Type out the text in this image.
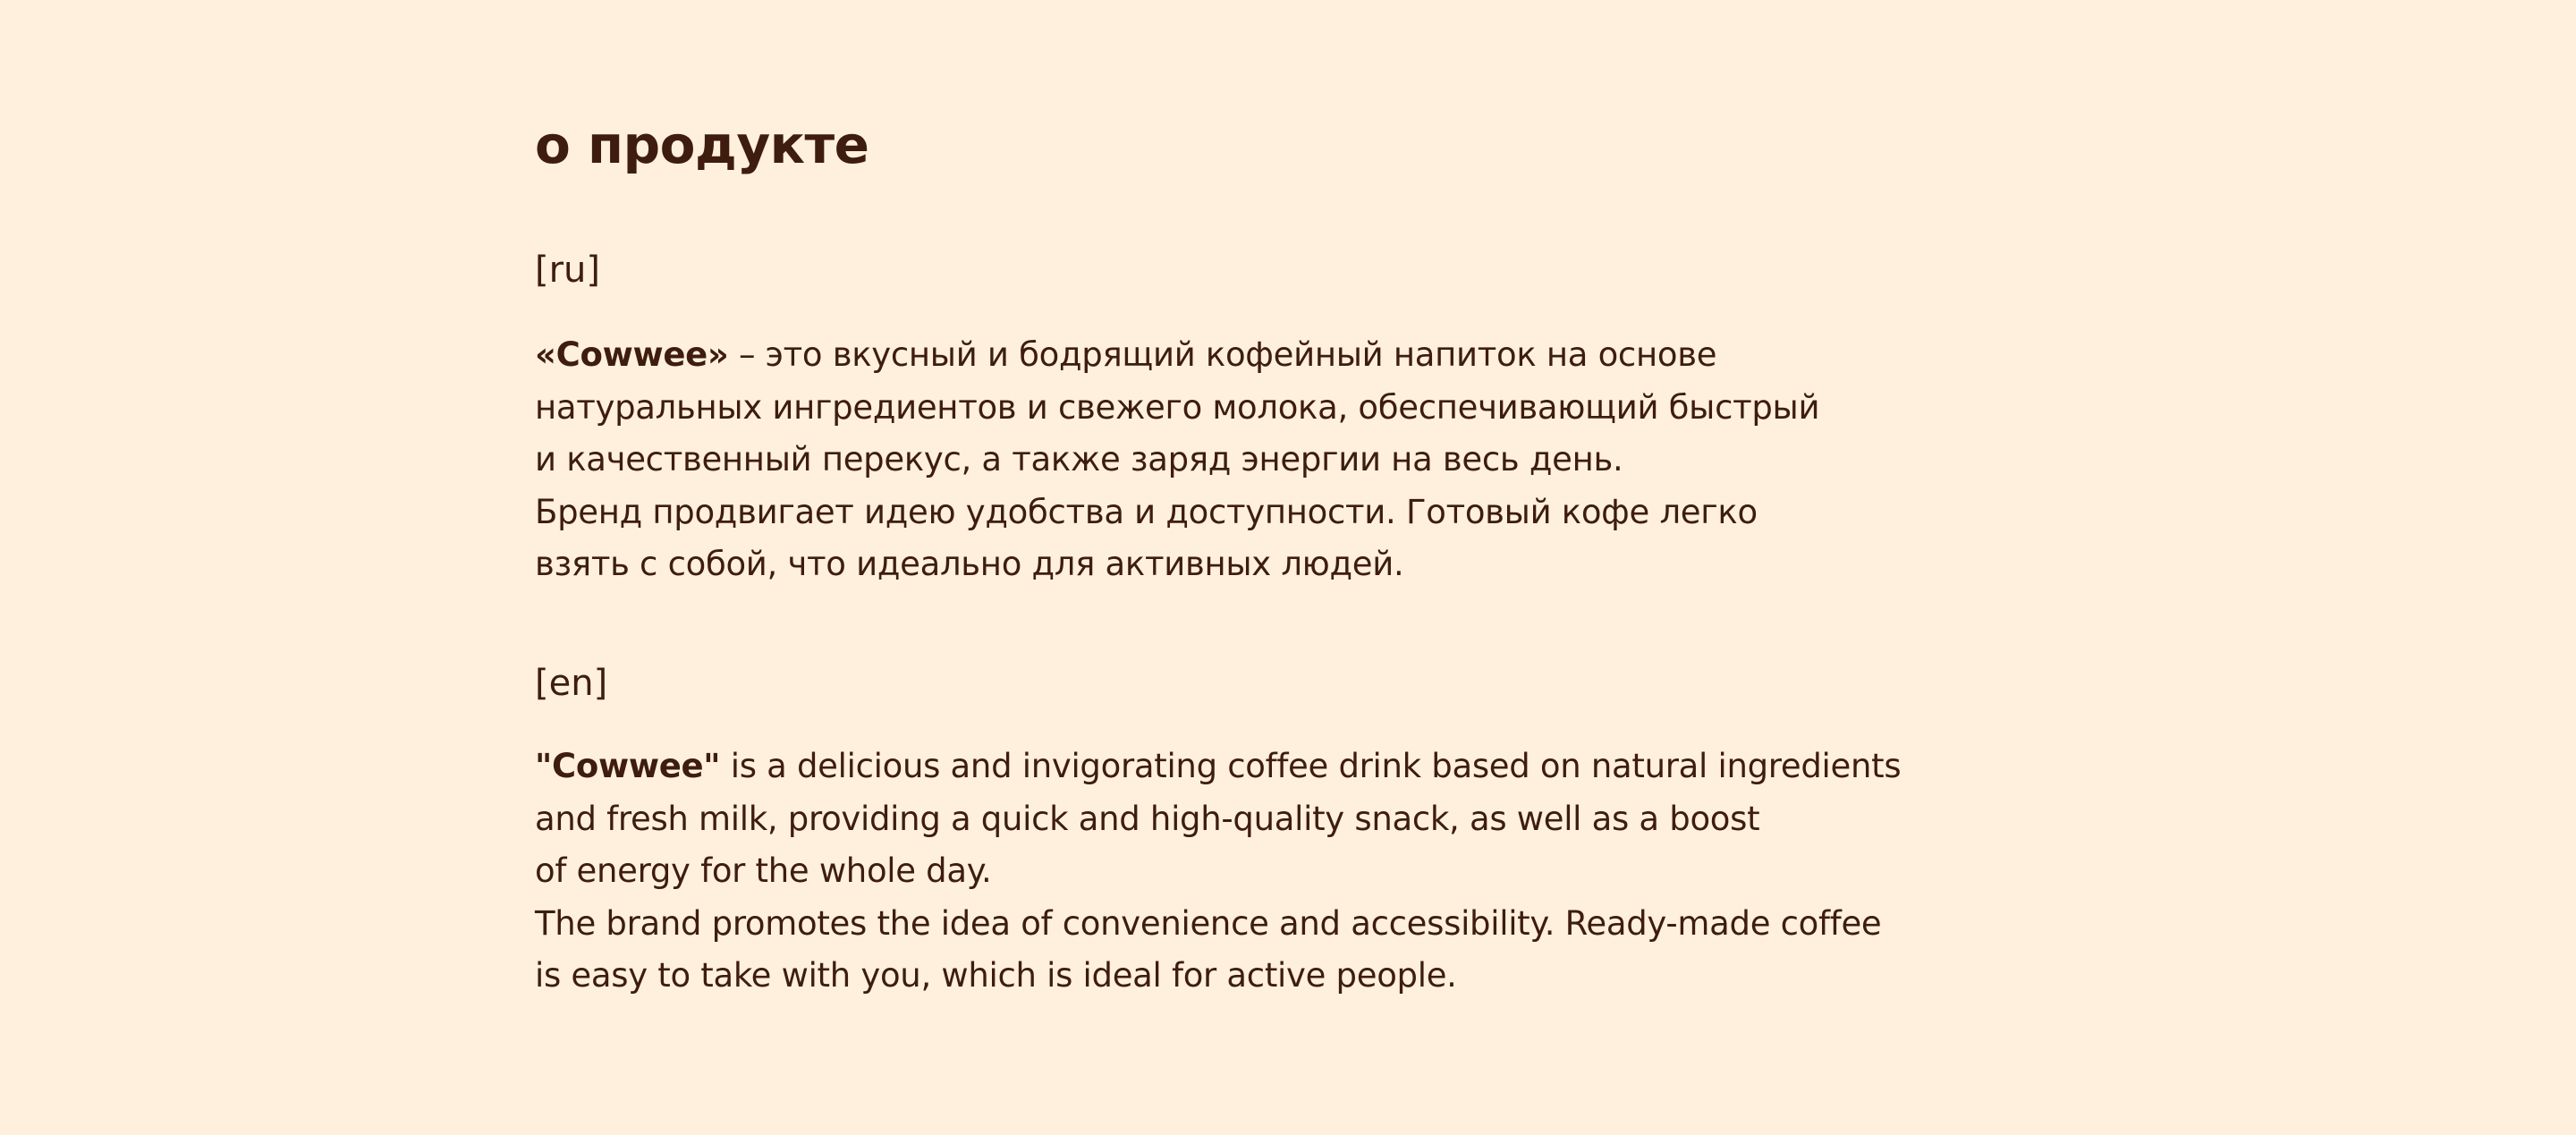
о продукте
[ru]

«Cowwee» – это вкусный и бодрящий кофейный напиток на основе
натуральных ингредиентов и свежего молока, обеспечивающий быстрый
и качественный перекус, а также заряд энергии на весь день.
Бренд продвигает идею удобства и доступности. Готовый кофе легко
взять с собой, что идеально для активных людей.

[en]

"Cowwee" is a delicious and invigorating coffee drink based on natural ingredients
and fresh milk, providing a quick and high-quality snack, as well as a boost
of energy for the whole day.
The brand promotes the idea of convenience and accessibility. Ready-made coffee
is easy to take with you, which is ideal for active people.
